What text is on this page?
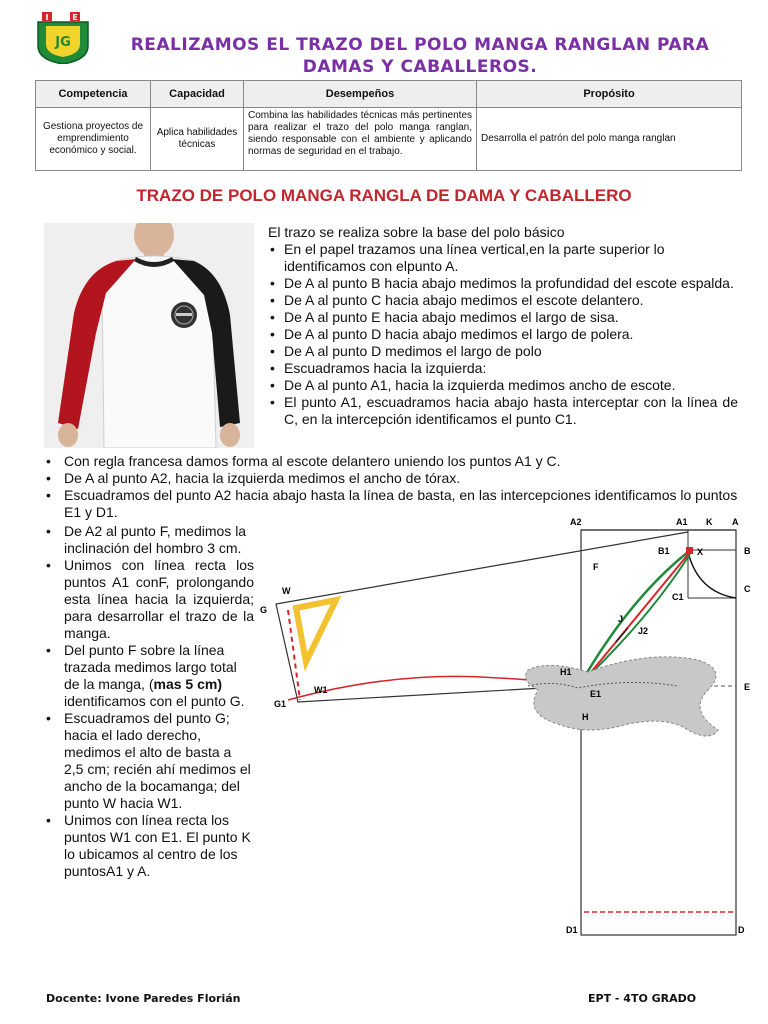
I	E
JG	REALIZAMOS EL TRAZO DEL POLO MANGA RANGLAN PARA
DAMAS Y CABALLEROS.
Competencia	Capacidad	Desempeños	Propósito
Gestiona proyectos de emprendimiento económico y social.	Aplica habilidades técnicas	Combina las habilidades técnicas más pertinentes para realizar el trazo del polo manga ranglan, siendo responsable con el ambiente y aplicando normas de seguridad en el trabajo.	Desarrolla el patrón del polo manga ranglan
TRAZO DE POLO MANGA RANGLA DE DAMA Y CABALLERO
El trazo se realiza sobre la base del polo básico
• En el papel trazamos una línea vertical,en la parte superior lo identificamos con elpunto A.
• De A al punto B hacia abajo medimos la profundidad del escote espalda.
• De A al punto C hacia abajo medimos el escote delantero.
• De A al punto E hacia abajo medimos el largo de sisa.
• De A al punto D hacia abajo medimos el largo de polera.
• De A al punto D medimos el largo de polo
• Escuadramos hacia la izquierda:
• De A al punto A1, hacia la izquierda medimos ancho de escote.
• El punto A1, escuadramos hacia abajo hasta interceptar con la línea de C, en la intercepción identificamos el punto C1.
• Con regla francesa damos forma al escote delantero uniendo los puntos A1 y C.
• De A al punto A2, hacia la izquierda medimos el ancho de tórax.
• Escuadramos del punto A2 hacia abajo hasta la línea de basta, en las intercepciones identificamos lo puntos E1 y D1.
• De A2 al punto F, medimos la inclinación del hombro 3 cm.
• Unimos con línea recta los puntos A1 conF, prolongando esta línea hacia la izquierda; para desarrollar el trazo de la manga.
• Del punto F sobre la línea trazada medimos largo total de la manga, (mas 5 cm) identificamos con el punto G.
• Escuadramos del punto G; hacia el lado derecho, medimos el alto de basta a 2,5 cm; recién ahí medimos el ancho de la bocamanga; del punto W hacia W1.
• Unimos con línea recta los puntos W1 con E1. El punto K lo ubicamos al centro de los puntosA1 y A.
A2	A1 K A
B1	X	B
C
C1
F
W
G
J
J2
H1
E
E1
H
W1
G1
D1	D
Docente: Ivone Paredes Florián	EPT - 4TO GRADO
